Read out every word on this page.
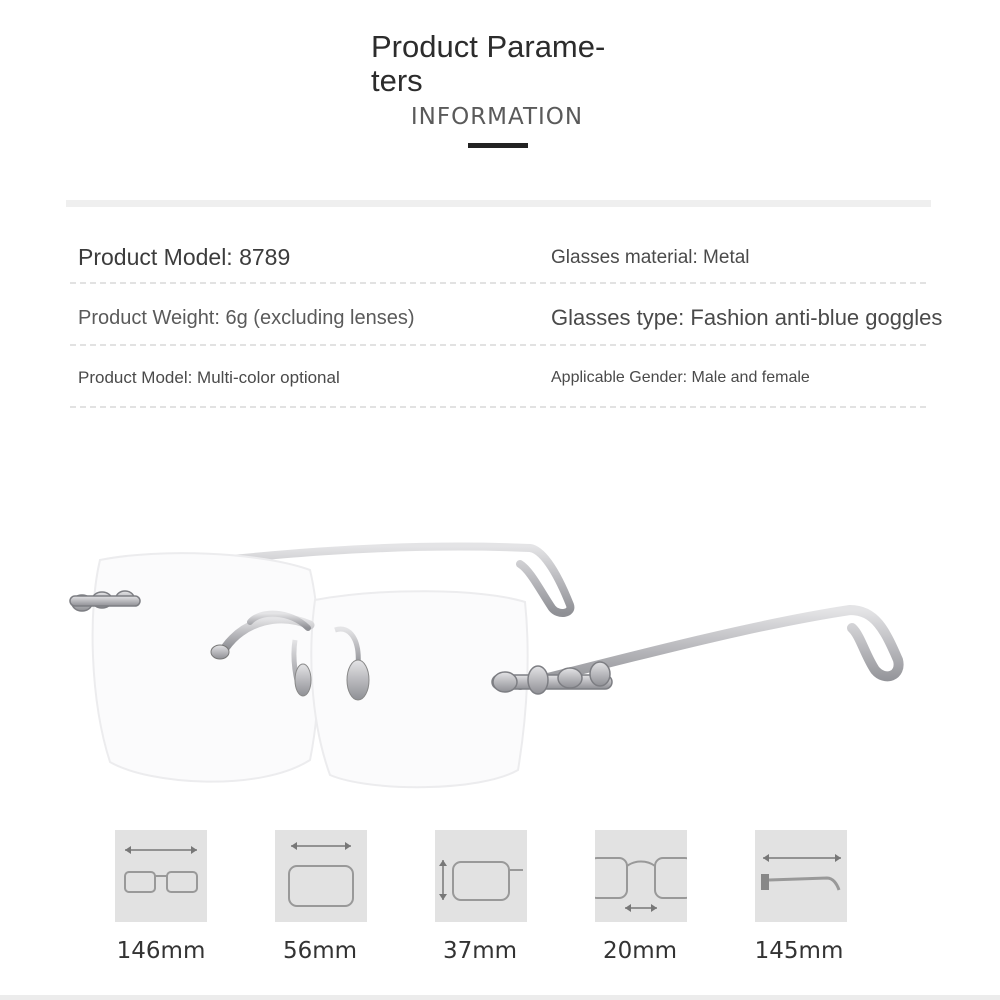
Product Parame-
ters
INFORMATION
Product Model: 8789	Glasses material: Metal
Product Weight: 6g (excluding lenses)	Glasses type: Fashion anti-blue goggles
Product Model: Multi-color optional	Applicable Gender: Male and female
146mm	56mm	37mm	20mm	145mm
